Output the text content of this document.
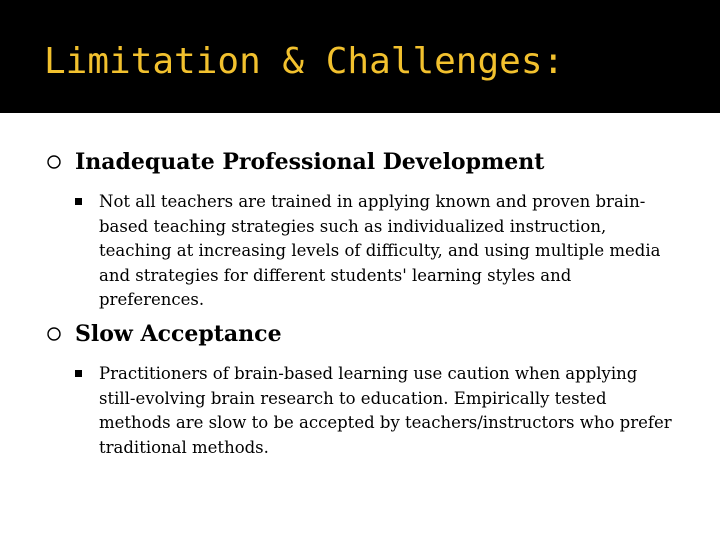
Limitation & Challenges:
Inadequate Professional Development
Not all teachers are trained in applying known and proven brain-based teaching strategies such as individualized instruction, teaching at increasing levels of difficulty, and using multiple media and strategies for different students' learning styles and preferences.
Slow Acceptance
Practitioners of brain-based learning use caution when applying still-evolving brain research to education. Empirically tested methods are slow to be accepted by teachers/instructors who prefer traditional methods.
